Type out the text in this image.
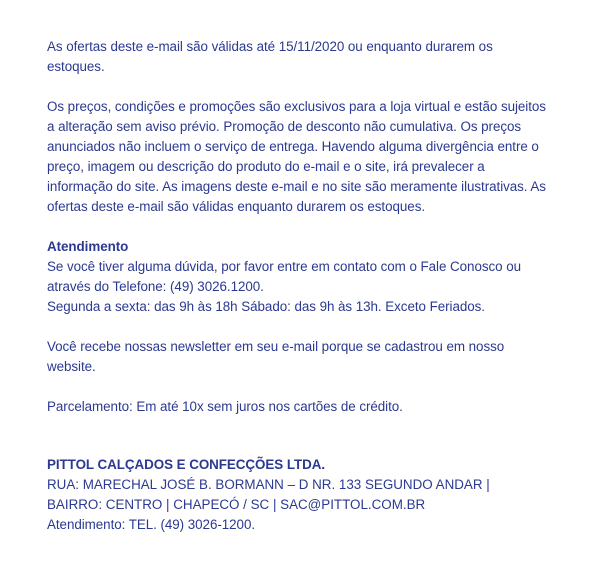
As ofertas deste e-mail são válidas até 15/11/2020 ou enquanto durarem os estoques.

Os preços, condições e promoções são exclusivos para a loja virtual e estão sujeitos a alteração sem aviso prévio. Promoção de desconto não cumulativa. Os preços anunciados não incluem o serviço de entrega. Havendo alguma divergência entre o preço, imagem ou descrição do produto do e-mail e o site, irá prevalecer a informação do site. As imagens deste e-mail e no site são meramente ilustrativas. As ofertas deste e-mail são válidas enquanto durarem os estoques.

Atendimento

Se você tiver alguma dúvida, por favor entre em contato com o Fale Conosco ou através do Telefone: (49) 3026.1200.

Segunda a sexta: das 9h às 18h Sábado: das 9h às 13h. Exceto Feriados.

Você recebe nossas newsletter em seu e-mail porque se cadastrou em nosso website.

Parcelamento: Em até 10x sem juros nos cartões de crédito.

PITTOL CALÇADOS E CONFECÇÕES LTDA.

RUA: MARECHAL JOSÉ B. BORMANN – D NR. 133 SEGUNDO ANDAR | BAIRRO: CENTRO | CHAPECÓ / SC | SAC@PITTOL.COM.BR

Atendimento: TEL. (49) 3026-1200.
